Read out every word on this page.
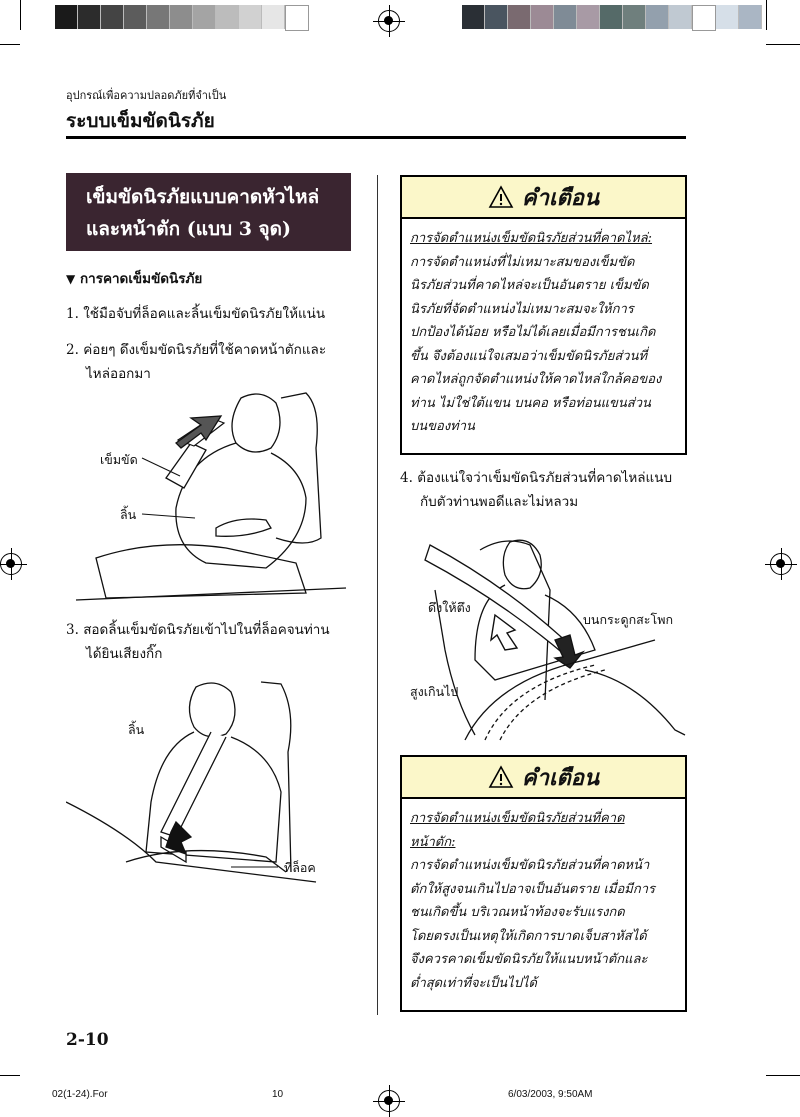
อุปกรณ์เพื่อความปลอดภัยที่จำเป็น
ระบบเข็มขัดนิรภัย
เข็มขัดนิรภัยแบบคาดหัวไหล่
และหน้าตัก (แบบ 3 จุด)
▼ การคาดเข็มขัดนิรภัย
1. ใช้มือจับที่ล็อคและลิ้นเข็มขัดนิรภัยให้แน่น
2. ค่อยๆ ดึงเข็มขัดนิรภัยที่ใช้คาดหน้าตักและ
ไหล่ออกมา
เข็มขัด
ลิ้น
3. สอดลิ้นเข็มขัดนิรภัยเข้าไปในที่ล็อคจนท่าน
ได้ยินเสียงกิ๊ก
ลิ้น
ที่ล็อค
2-10
คำเตือน
การจัดตำแหน่งเข็มขัดนิรภัยส่วนที่คาดไหล่:
การจัดตำแหน่งที่ไม่เหมาะสมของเข็มขัด
นิรภัยส่วนที่คาดไหล่จะเป็นอันตราย เข็มขัด
นิรภัยที่จัดตำแหน่งไม่เหมาะสมจะให้การ
ปกป้องได้น้อย หรือไม่ได้เลยเมื่อมีการชนเกิด
ขึ้น จึงต้องแน่ใจเสมอว่าเข็มขัดนิรภัยส่วนที่
คาดไหล่ถูกจัดตำแหน่งให้คาดไหล่ใกล้คอของ
ท่าน ไม่ใช่ใต้แขน บนคอ หรือท่อนแขนส่วน
บนของท่าน
4. ต้องแน่ใจว่าเข็มขัดนิรภัยส่วนที่คาดไหล่แนบ
กับตัวท่านพอดีและไม่หลวม
ดึงให้ตึง
บนกระดูกสะโพก
สูงเกินไป
คำเตือน
การจัดตำแหน่งเข็มขัดนิรภัยส่วนที่คาด
หน้าตัก:
การจัดตำแหน่งเข็มขัดนิรภัยส่วนที่คาดหน้า
ตักให้สูงจนเกินไปอาจเป็นอันตราย เมื่อมีการ
ชนเกิดขึ้น บริเวณหน้าท้องจะรับแรงกด
โดยตรงเป็นเหตุให้เกิดการบาดเจ็บสาหัสได้
จึงควรคาดเข็มขัดนิรภัยให้แนบหน้าตักและ
ต่ำสุดเท่าที่จะเป็นไปได้
02(1-24).For	10	6/03/2003, 9:50AM
